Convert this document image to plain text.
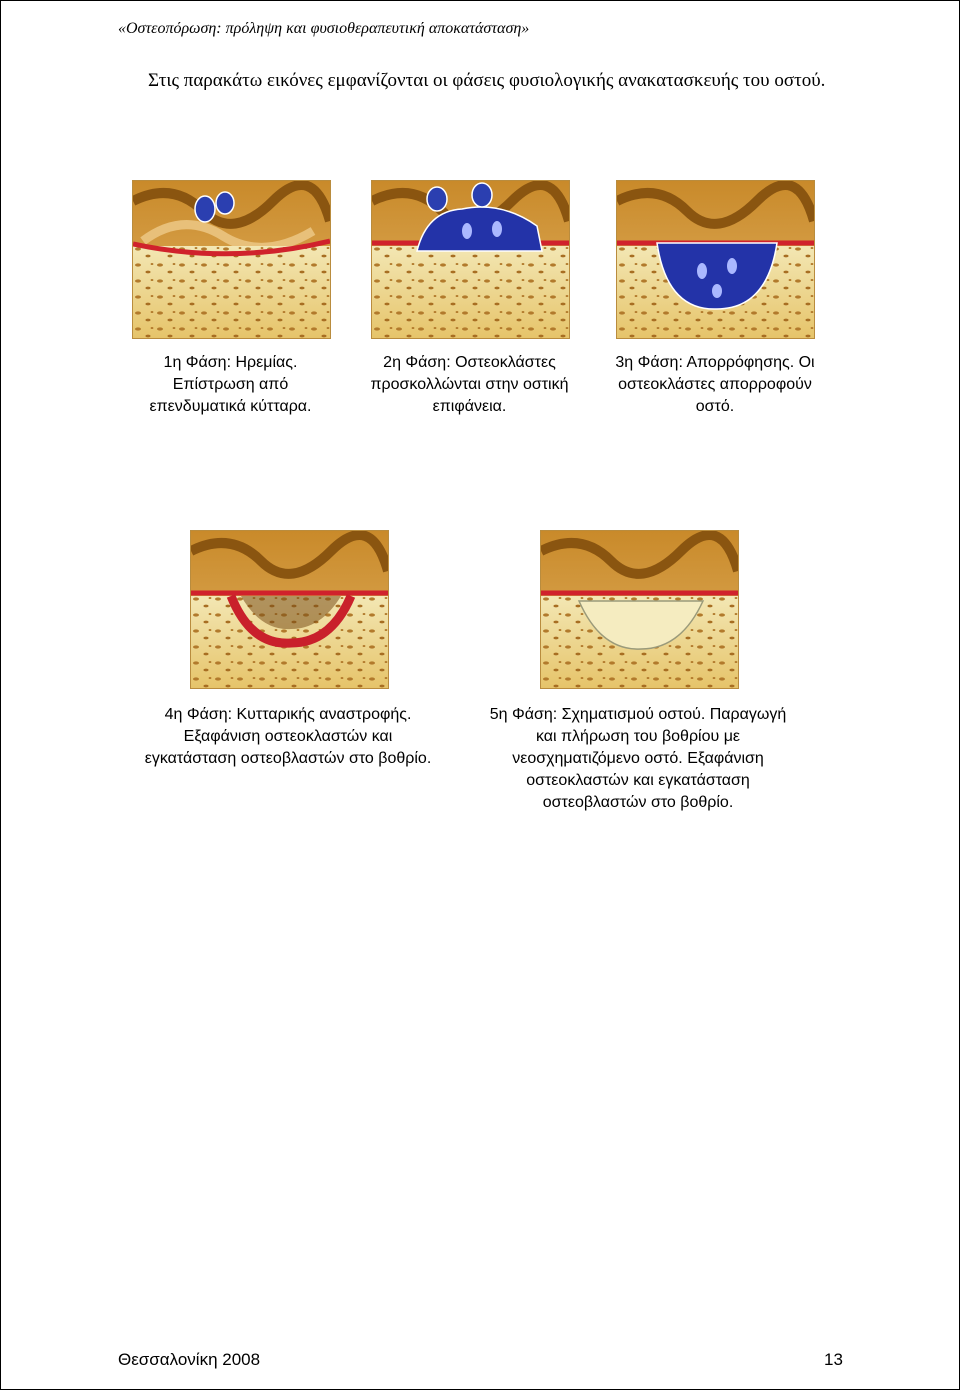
«Οστεοπόρωση: πρόληψη και φυσιοθεραπευτική αποκατάσταση»
Στις παρακάτω εικόνες εμφανίζονται οι φάσεις φυσιολογικής ανακατασκευής του οστού.
1η Φάση: Ηρεμίας.
Επίστρωση από
επενδυματικά κύτταρα.
2η Φάση: Οστεοκλάστες
προσκολλώνται στην οστική
επιφάνεια.
3η Φάση: Απορρόφησης. Οι
οστεοκλάστες απορροφούν
οστό.
4η Φάση: Κυτταρικής αναστροφής.
Εξαφάνιση οστεοκλαστών και
εγκατάσταση οστεοβλαστών στο βοθρίο.
5η Φάση: Σχηματισμού οστού. Παραγωγή
και πλήρωση του βοθρίου με
νεοσχηματιζόμενο οστό. Εξαφάνιση
οστεοκλαστών και εγκατάσταση
οστεοβλαστών στο βοθρίο.
Θεσσαλονίκη 2008	13
